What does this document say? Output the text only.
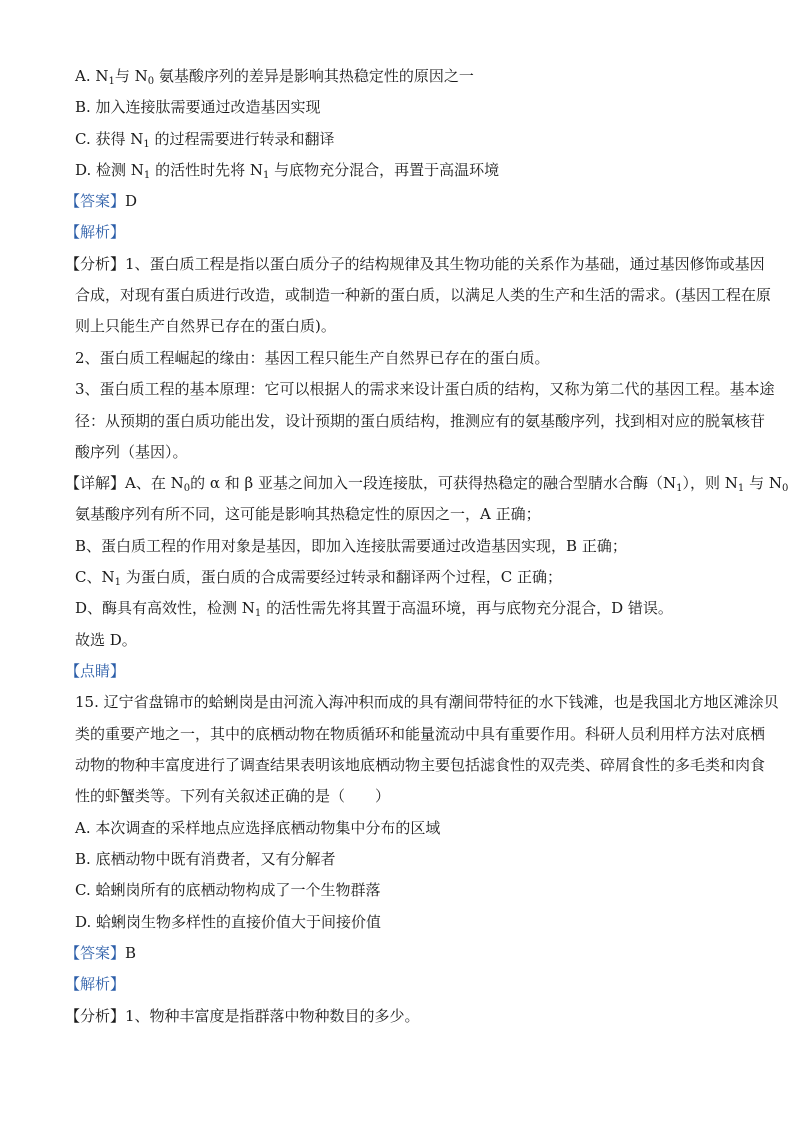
A. $N_1$与 $N_0$ 氨基酸序列的差异是影响其热稳定性的原因之一
B. 加入连接肽需要通过改造基因实现
C. 获得 $N_1$ 的过程需要进行转录和翻译
D. 检测 $N_1$ 的活性时先将 $N_1$ 与底物充分混合，再置于高温环境
【答案】D
【解析】
【分析】1、蛋白质工程是指以蛋白质分子的结构规律及其生物功能的关系作为基础，通过基因修饰或基因
合成，对现有蛋白质进行改造，或制造一种新的蛋白质，以满足人类的生产和生活的需求。(基因工程在原
则上只能生产自然界已存在的蛋白质)。
2、蛋白质工程崛起的缘由：基因工程只能生产自然界已存在的蛋白质。
3、蛋白质工程的基本原理：它可以根据人的需求来设计蛋白质的结构，又称为第二代的基因工程。基本途
径：从预期的蛋白质功能出发，设计预期的蛋白质结构，推测应有的氨基酸序列，找到相对应的脱氧核苷
酸序列（基因）。
【详解】A、在 $N_0$的 α 和 β 亚基之间加入一段连接肽，可获得热稳定的融合型腈水合酶$(N_1)$，则 $N_1$ 与 $N_0$
氨基酸序列有所不同，这可能是影响其热稳定性的原因之一，A 正确；
B、蛋白质工程的作用对象是基因，即加入连接肽需要通过改造基因实现，B 正确；
C、$N_1$ 为蛋白质，蛋白质的合成需要经过转录和翻译两个过程，C 正确；
D、酶具有高效性，检测 $N_1$ 的活性需先将其置于高温环境，再与底物充分混合，D 错误。
故选 D。
【点睛】
15. 辽宁省盘锦市的蛤蜊岗是由河流入海冲积而成的具有潮间带特征的水下钱滩，也是我国北方地区滩涂贝
类的重要产地之一，其中的底栖动物在物质循环和能量流动中具有重要作用。科研人员利用样方法对底栖
动物的物种丰富度进行了调查结果表明该地底栖动物主要包括滤食性的双壳类、碎屑食性的多毛类和肉食
性的虾蟹类等。下列有关叙述正确的是（　　）
A. 本次调查的采样地点应选择底栖动物集中分布的区域
B. 底栖动物中既有消费者，又有分解者
C. 蛤蜊岗所有的底栖动物构成了一个生物群落
D. 蛤蜊岗生物多样性的直接价值大于间接价值
【答案】B
【解析】
【分析】1、物种丰富度是指群落中物种数目的多少。
